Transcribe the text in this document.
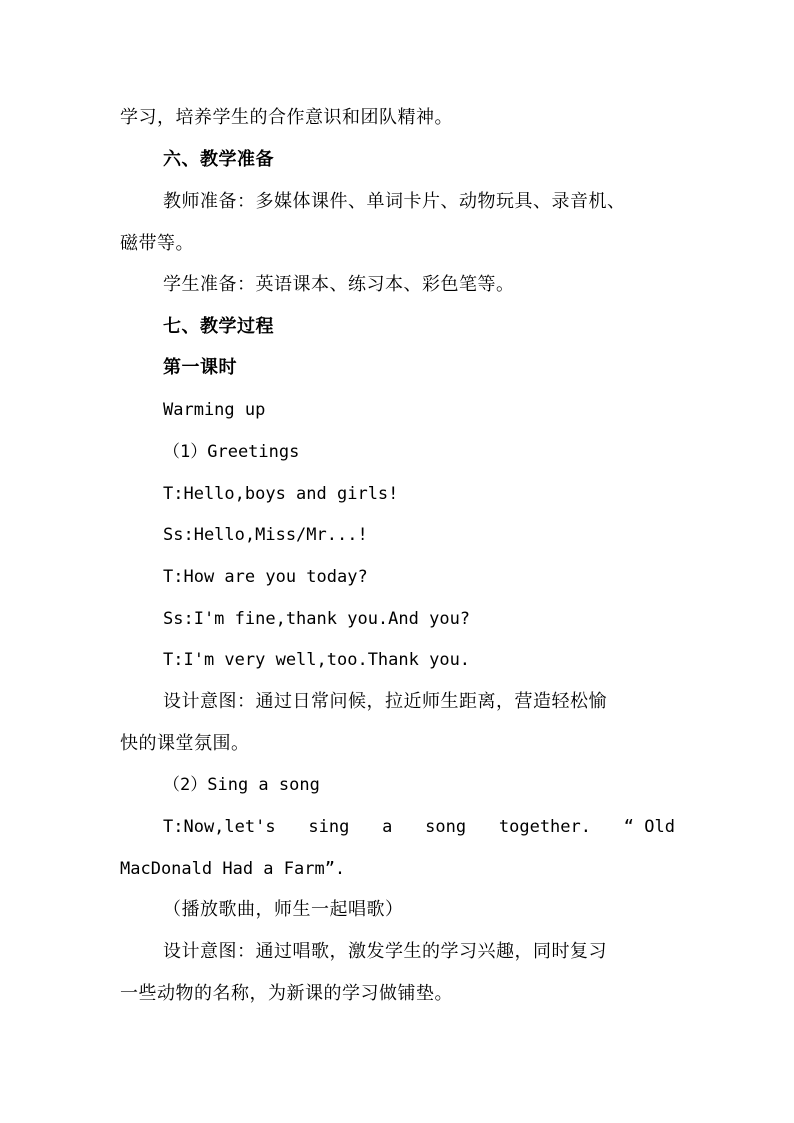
学习，培养学生的合作意识和团队精神。
六、教学准备
教师准备：多媒体课件、单词卡片、动物玩具、录音机、
磁带等。
学生准备：英语课本、练习本、彩色笔等。
七、教学过程
第一课时
Warming up
（1）Greetings
T:Hello,boys and girls!
Ss:Hello,Miss/Mr...!
T:How are you today?
Ss:I'm fine,thank you.And you?
T:I'm very well,too.Thank you.
设计意图：通过日常问候，拉近师生距离，营造轻松愉
快的课堂氛围。
（2）Sing a song
T:Now,let's sing a song together. “ Old
MacDonald Had a Farm”.
（播放歌曲，师生一起唱歌）
设计意图：通过唱歌，激发学生的学习兴趣，同时复习
一些动物的名称，为新课的学习做铺垫。
